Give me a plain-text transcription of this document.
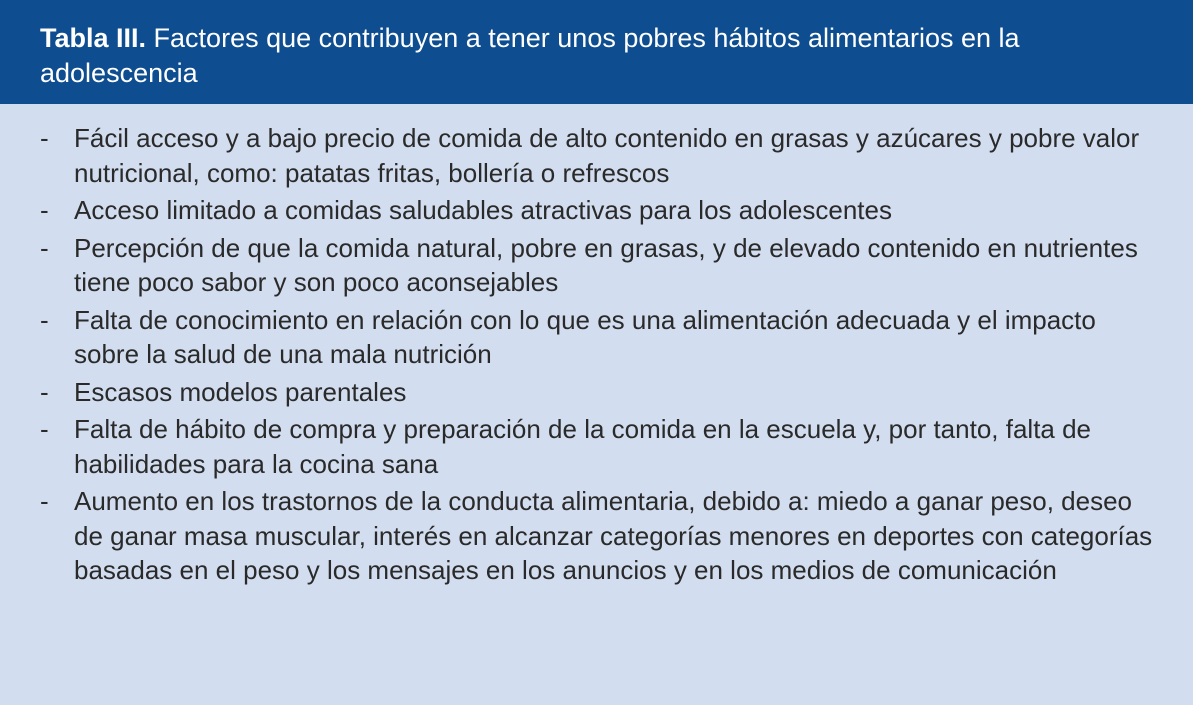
Tabla III. Factores que contribuyen a tener unos pobres hábitos alimentarios en la adolescencia
- Fácil acceso y a bajo precio de comida de alto contenido en grasas y azúcares y pobre valor nutricional, como: patatas fritas, bollería o refrescos
- Acceso limitado a comidas saludables atractivas para los adolescentes
- Percepción de que la comida natural, pobre en grasas, y de elevado contenido en nutrientes tiene poco sabor y son poco aconsejables
- Falta de conocimiento en relación con lo que es una alimentación adecuada y el impacto sobre la salud de una mala nutrición
- Escasos modelos parentales
- Falta de hábito de compra y preparación de la comida en la escuela y, por tanto, falta de habilidades para la cocina sana
- Aumento en los trastornos de la conducta alimentaria, debido a: miedo a ganar peso, deseo de ganar masa muscular, interés en alcanzar categorías menores en deportes con categorías basadas en el peso y los mensajes en los anuncios y en los medios de comunicación
